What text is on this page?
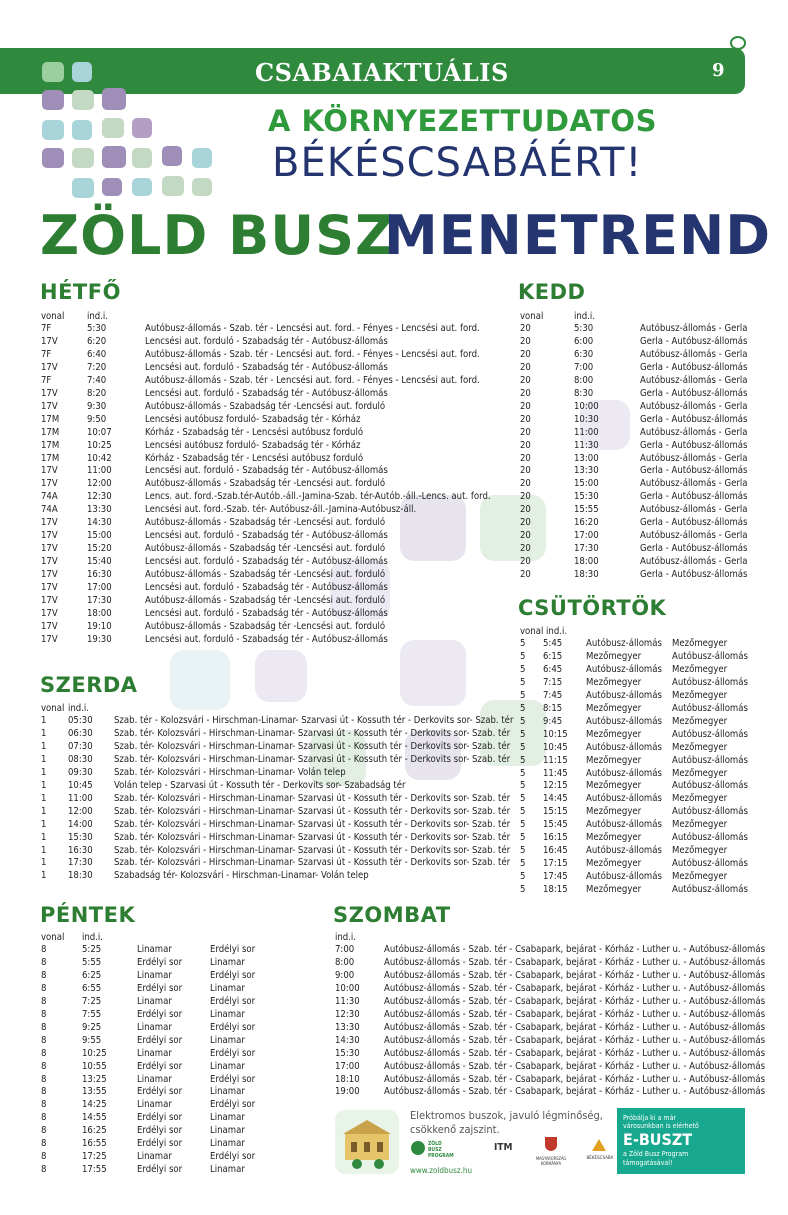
CSABAIAKTUÁLIS	9
A KÖRNYEZETTUDATOS
BÉKÉSCSABÁÉRT!
ZÖLD BUSZ
MENETREND
HÉTFŐ	KEDD
CSÜTÖRTÖK
SZERDA
PÉNTEK	SZOMBAT
vonal ind.i.	vonal	ind.i.
vonal ind.i.
vonal ind.i.
vonal ind.i.	ind.i.
7F	5:30	Autóbusz-állomás - Szab. tér - Lencsési aut. ford. - Fényes - Lencsési aut. ford.
17V	6:20	Lencsési aut. forduló - Szabadság tér - Autóbusz-állomás
7F	6:40	Autóbusz-állomás - Szab. tér - Lencsési aut. ford. - Fényes - Lencsési aut. ford.
17V	7:20	Lencsési aut. forduló - Szabadság tér - Autóbusz-állomás
7F	7:40	Autóbusz-állomás - Szab. tér - Lencsési aut. ford. - Fényes - Lencsési aut. ford.
17V	8:20	Lencsési aut. forduló - Szabadság tér - Autóbusz-állomás
17V	9:30	Autóbusz-állomás - Szabadság tér -Lencsési aut. forduló
17M	9:50	Lencsési autóbusz forduló- Szabadság tér - Kórház
17M	10:07	Kórház - Szabadság tér - Lencsési autóbusz forduló
17M	10:25	Lencsési autóbusz forduló- Szabadság tér - Kórház
17M	10:42	Kórház - Szabadság tér - Lencsési autóbusz forduló
17V	11:00	Lencsési aut. forduló - Szabadság tér - Autóbusz-állomás
17V	12:00	Autóbusz-állomás - Szabadság tér -Lencsési aut. forduló
74A	12:30	Lencs. aut. ford.-Szab.tér-Autób.-áll.-Jamina-Szab. tér-Autób.-áll.-Lencs. aut. ford.
74A	13:30	Lencsési aut. ford.-Szab. tér- Autóbusz-áll.-Jamina-Autóbusz-áll.
17V	14:30	Autóbusz-állomás - Szabadság tér -Lencsési aut. forduló
17V	15:00	Lencsési aut. forduló - Szabadság tér - Autóbusz-állomás
17V	15:20	Autóbusz-állomás - Szabadság tér -Lencsési aut. forduló
17V	15:40	Lencsési aut. forduló - Szabadság tér - Autóbusz-állomás
17V	16:30	Autóbusz-állomás - Szabadság tér -Lencsési aut. forduló
17V	17:00	Lencsési aut. forduló - Szabadság tér - Autóbusz-állomás
17V	17:30	Autóbusz-állomás - Szabadság tér -Lencsési aut. forduló
17V	18:00	Lencsési aut. forduló - Szabadság tér - Autóbusz-állomás
17V	19:10	Autóbusz-állomás - Szabadság tér -Lencsési aut. forduló
17V	19:30	Lencsési aut. forduló - Szabadság tér - Autóbusz-állomás
20	5:30	Autóbusz-állomás - Gerla
20	6:00	Gerla - Autóbusz-állomás
20	6:30	Autóbusz-állomás - Gerla
20	7:00	Gerla - Autóbusz-állomás
20	8:00	Autóbusz-állomás - Gerla
20	8:30	Gerla - Autóbusz-állomás
20	10:00	Autóbusz-állomás - Gerla
20	10:30	Gerla - Autóbusz-állomás
20	11:00	Autóbusz-állomás - Gerla
20	11:30	Gerla - Autóbusz-állomás
20	13:00	Autóbusz-állomás - Gerla
20	13:30	Gerla - Autóbusz-állomás
20	15:00	Autóbusz-állomás - Gerla
20	15:30	Gerla - Autóbusz-állomás
20	15:55	Autóbusz-állomás - Gerla
20	16:20	Gerla - Autóbusz-állomás
20	17:00	Autóbusz-állomás - Gerla
20	17:30	Gerla - Autóbusz-állomás
20	18:00	Autóbusz-állomás - Gerla
20	18:30	Gerla - Autóbusz-állomás
5 5:45	Autóbusz-állomás Mezőmegyer
5 6:15	Mezőmegyer	Autóbusz-állomás
5 6:45	Autóbusz-állomás Mezőmegyer
5 7:15	Mezőmegyer	Autóbusz-állomás
5 7:45	Autóbusz-állomás Mezőmegyer
5 8:15	Mezőmegyer	Autóbusz-állomás
5 9:45	Autóbusz-állomás Mezőmegyer
5 10:15 Mezőmegyer	Autóbusz-állomás
5 10:45 Autóbusz-állomás Mezőmegyer
5 11:15 Mezőmegyer	Autóbusz-állomás
5 11:45 Autóbusz-állomás Mezőmegyer
5 12:15 Mezőmegyer	Autóbusz-állomás
5 14:45 Autóbusz-állomás Mezőmegyer
5 15:15 Mezőmegyer	Autóbusz-állomás
5 15:45 Autóbusz-állomás Mezőmegyer
5 16:15 Mezőmegyer	Autóbusz-állomás
5 16:45 Autóbusz-állomás Mezőmegyer
5 17:15 Mezőmegyer	Autóbusz-állomás
5 17:45 Autóbusz-állomás Mezőmegyer
5 18:15 Mezőmegyer	Autóbusz-állomás
1 05:30 Szab. tér - Kolozsvári - Hirschman-Linamar- Szarvasi út - Kossuth tér - Derkovits sor- Szab. tér
1 06:30 Szab. tér- Kolozsvári - Hirschman-Linamar- Szarvasi út - Kossuth tér - Derkovits sor- Szab. tér
1 07:30 Szab. tér- Kolozsvári - Hirschman-Linamar- Szarvasi út - Kossuth tér - Derkovits sor- Szab. tér
1 08:30 Szab. tér- Kolozsvári - Hirschman-Linamar- Szarvasi út - Kossuth tér - Derkovits sor- Szab. tér
1 09:30 Szab. tér- Kolozsvári - Hirschman-Linamar- Volán telep
1 10:45 Volán telep - Szarvasi út - Kossuth tér - Derkovits sor- Szabadság tér
1 11:00 Szab. tér- Kolozsvári - Hirschman-Linamar- Szarvasi út - Kossuth tér - Derkovits sor- Szab. tér
1 12:00 Szab. tér- Kolozsvári - Hirschman-Linamar- Szarvasi út - Kossuth tér - Derkovits sor- Szab. tér
1 14:00 Szab. tér- Kolozsvári - Hirschman-Linamar- Szarvasi út - Kossuth tér - Derkovits sor- Szab. tér
1 15:30 Szab. tér- Kolozsvári - Hirschman-Linamar- Szarvasi út - Kossuth tér - Derkovits sor- Szab. tér
1 16:30 Szab. tér- Kolozsvári - Hirschman-Linamar- Szarvasi út - Kossuth tér - Derkovits sor- Szab. tér
1 17:30 Szab. tér- Kolozsvári - Hirschman-Linamar- Szarvasi út - Kossuth tér - Derkovits sor- Szab. tér
1 18:30 Szabadság tér- Kolozsvári - Hirschman-Linamar- Volán telep
8	5:25	Linamar	Erdélyi sor
8	5:55	Erdélyi sor	Linamar
8	6:25	Linamar	Erdélyi sor
8	6:55	Erdélyi sor	Linamar
8	7:25	Linamar	Erdélyi sor
8	7:55	Erdélyi sor	Linamar
8	9:25	Linamar	Erdélyi sor
8	9:55	Erdélyi sor	Linamar
8	10:25	Linamar	Erdélyi sor
8	10:55	Erdélyi sor	Linamar
8	13:25	Linamar	Erdélyi sor
8	13:55	Erdélyi sor	Linamar
8	14:25	Linamar	Erdélyi sor
8	14:55	Erdélyi sor	Linamar
8	16:25	Erdélyi sor	Linamar
8	16:55	Erdélyi sor	Linamar
8	17:25	Linamar	Erdélyi sor
8	17:55	Erdélyi sor	Linamar
7:00	Autóbusz-állomás - Szab. tér - Csabapark, bejárat - Kórház - Luther u. - Autóbusz-állomás
8:00	Autóbusz-állomás - Szab. tér - Csabapark, bejárat - Kórház - Luther u. - Autóbusz-állomás
9:00	Autóbusz-állomás - Szab. tér - Csabapark, bejárat - Kórház - Luther u. - Autóbusz-állomás
10:00	Autóbusz-állomás - Szab. tér - Csabapark, bejárat - Kórház - Luther u. - Autóbusz-állomás
11:30	Autóbusz-állomás - Szab. tér - Csabapark, bejárat - Kórház - Luther u. - Autóbusz-állomás
12:30	Autóbusz-állomás - Szab. tér - Csabapark, bejárat - Kórház - Luther u. - Autóbusz-állomás
13:30	Autóbusz-állomás - Szab. tér - Csabapark, bejárat - Kórház - Luther u. - Autóbusz-állomás
14:30	Autóbusz-állomás - Szab. tér - Csabapark, bejárat - Kórház - Luther u. - Autóbusz-állomás
15:30	Autóbusz-állomás - Szab. tér - Csabapark, bejárat - Kórház - Luther u. - Autóbusz-állomás
17:00	Autóbusz-állomás - Szab. tér - Csabapark, bejárat - Kórház - Luther u. - Autóbusz-állomás
18:10	Autóbusz-állomás - Szab. tér - Csabapark, bejárat - Kórház - Luther u. - Autóbusz-állomás
19:00	Autóbusz-állomás - Szab. tér - Csabapark, bejárat - Kórház - Luther u. - Autóbusz-állomás
Elektromos buszok, javuló légminőség,
csökkenő zajszint.
ZÖLD BUSZ PROGRAM
ITM
MAGYARORSZÁG KORMÁNYA
BÉKÉSCSABA
www.zoldbusz.hu
Próbálja ki a már
városunkban is elérhető
E-BUSZT
a Zöld Busz Program
támogatásával!
